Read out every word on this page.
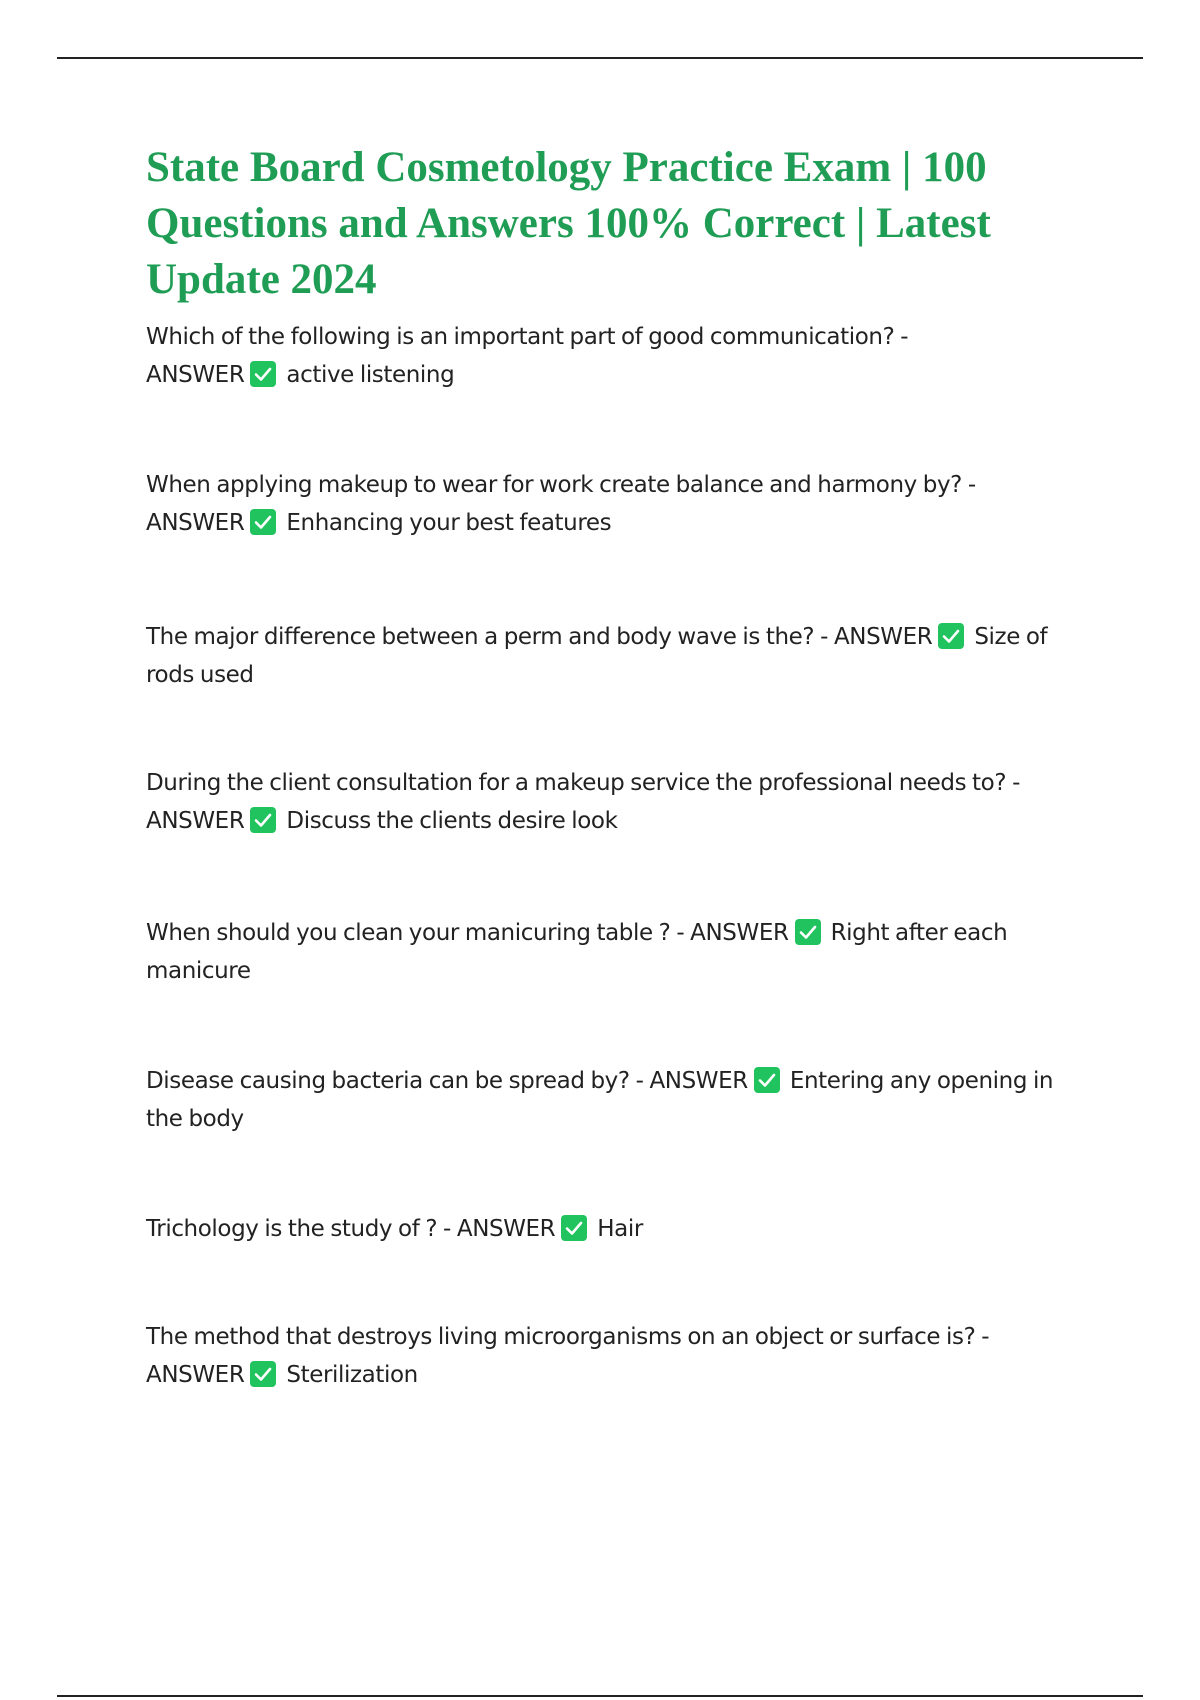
State Board Cosmetology Practice Exam | 100 Questions and Answers 100% Correct | Latest Update 2024

Which of the following is an important part of good communication? -
ANSWER active listening

When applying makeup to wear for work create balance and harmony by? -
ANSWER Enhancing your best features

The major difference between a perm and body wave is the? - ANSWER Size of rods used

During the client consultation for a makeup service the professional needs to? -
ANSWER Discuss the clients desire look

When should you clean your manicuring table ? - ANSWER Right after each manicure

Disease causing bacteria can be spread by? - ANSWER Entering any opening in the body

Trichology is the study of ? - ANSWER Hair

The method that destroys living microorganisms on an object or surface is? -
ANSWER Sterilization
